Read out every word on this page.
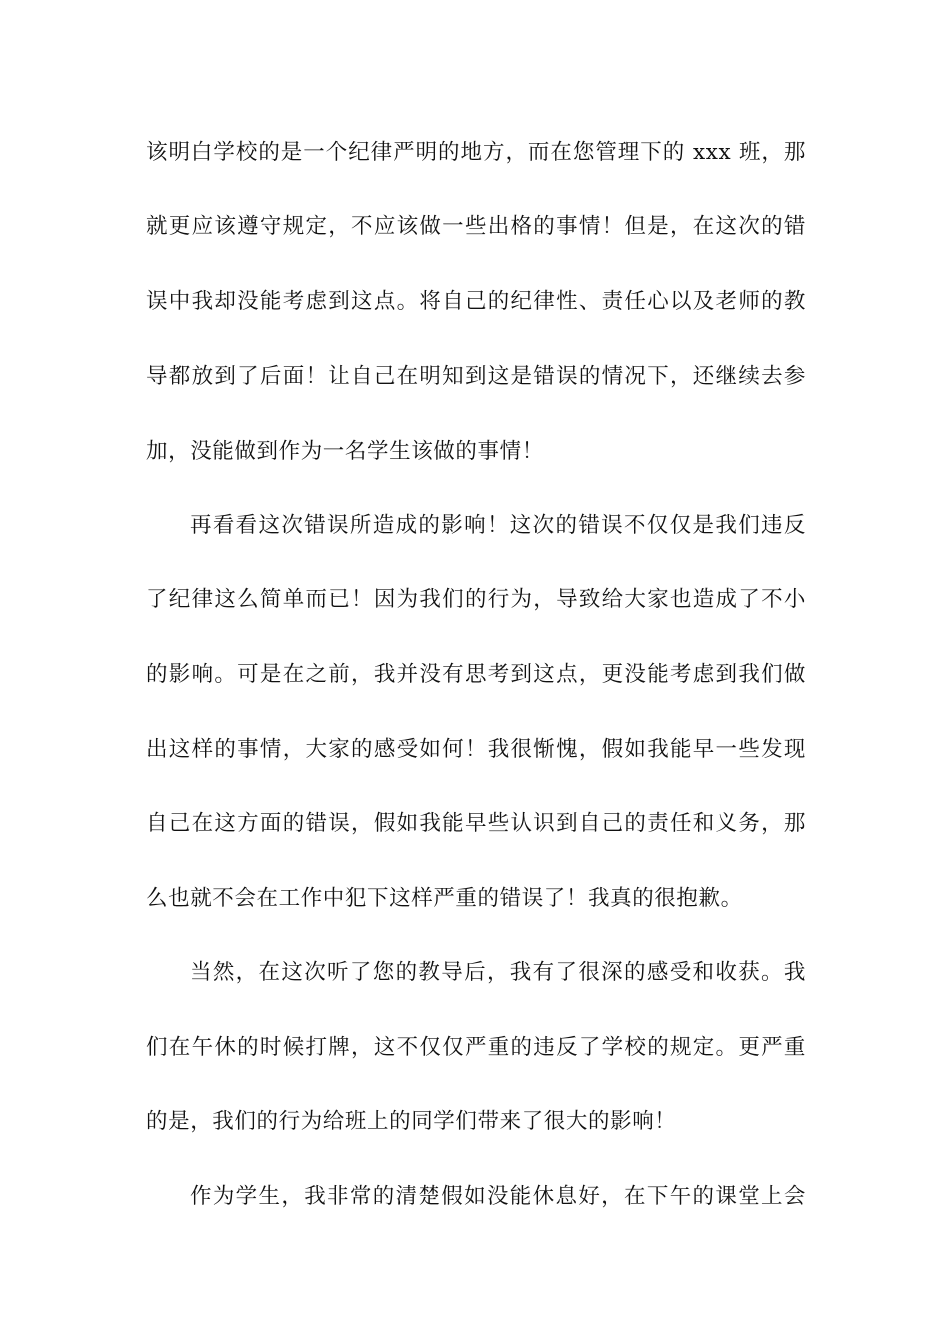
该明白学校的是一个纪律严明的地方，而在您管理下的 xxx 班，那
就更应该遵守规定，不应该做一些出格的事情！但是，在这次的错
误中我却没能考虑到这点。将自己的纪律性、责任心以及老师的教
导都放到了后面！让自己在明知到这是错误的情况下，还继续去参
加，没能做到作为一名学生该做的事情！
再看看这次错误所造成的影响！这次的错误不仅仅是我们违反
了纪律这么简单而已！因为我们的行为，导致给大家也造成了不小
的影响。可是在之前，我并没有思考到这点，更没能考虑到我们做
出这样的事情，大家的感受如何！我很惭愧，假如我能早一些发现
自己在这方面的错误，假如我能早些认识到自己的责任和义务，那
么也就不会在工作中犯下这样严重的错误了！我真的很抱歉。
当然，在这次听了您的教导后，我有了很深的感受和收获。我
们在午休的时候打牌，这不仅仅严重的违反了学校的规定。更严重
的是，我们的行为给班上的同学们带来了很大的影响！
作为学生，我非常的清楚假如没能休息好，在下午的课堂上会
